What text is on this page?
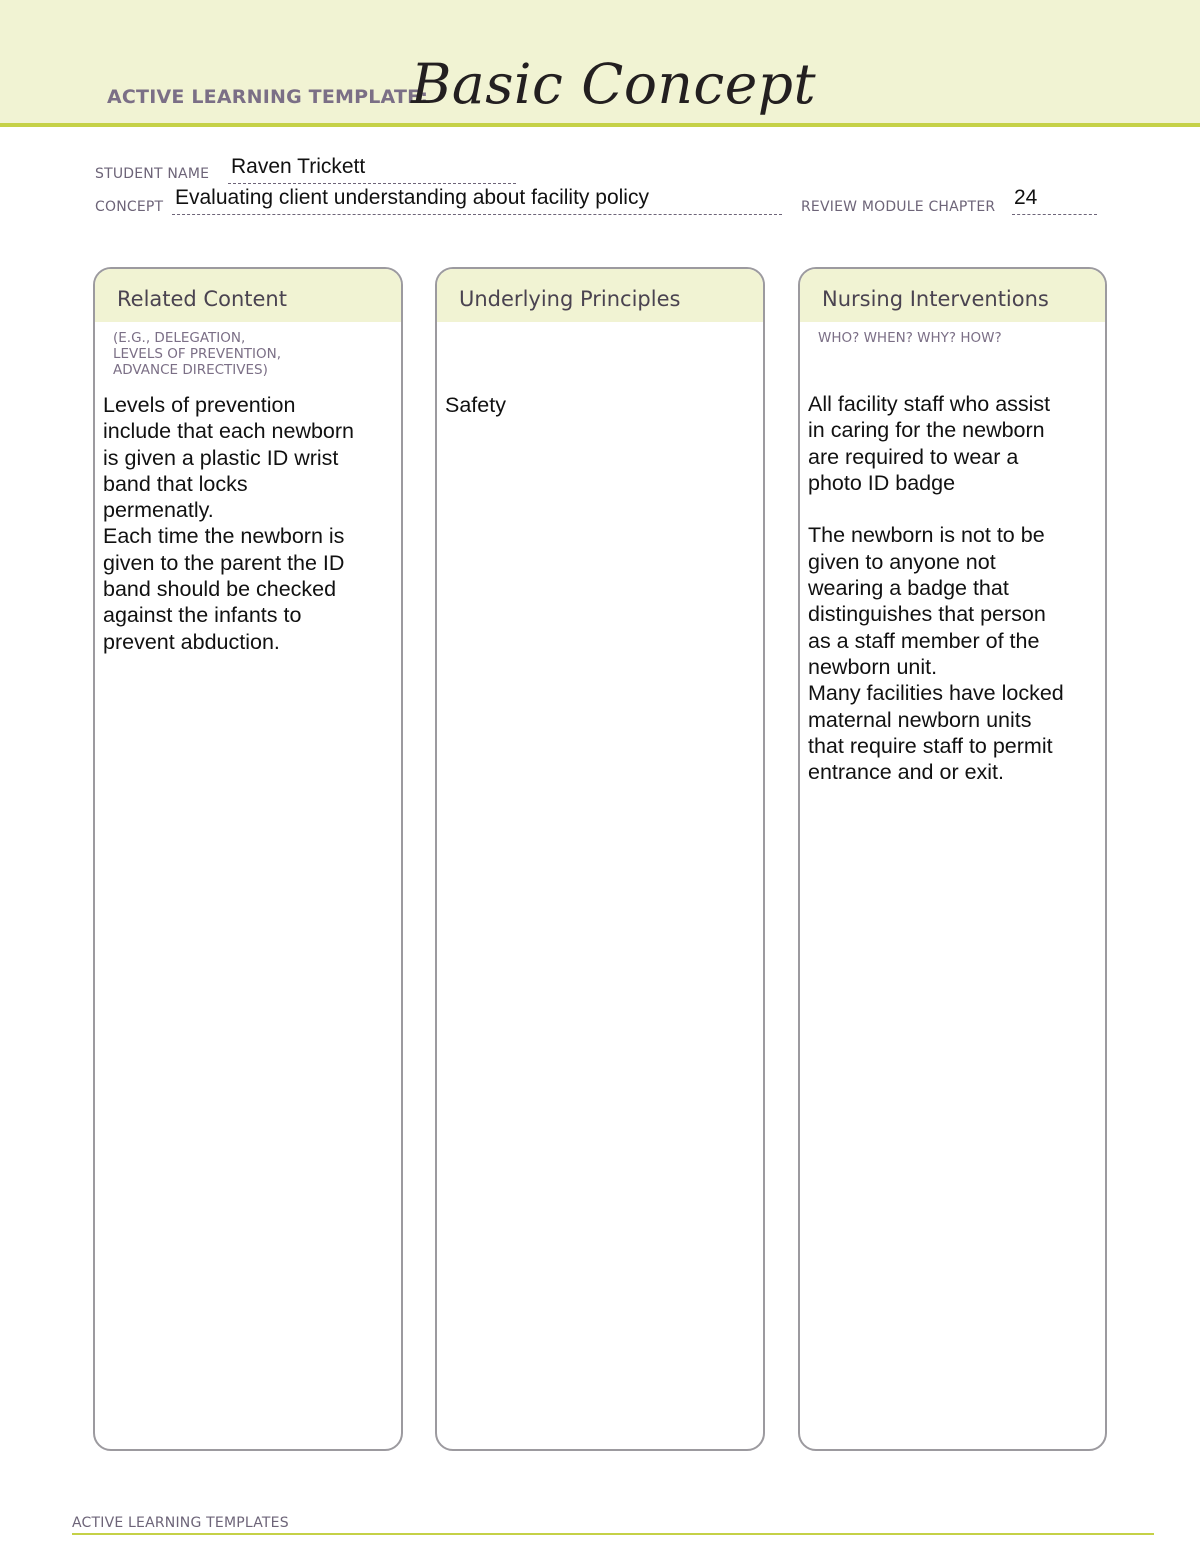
ACTIVE LEARNING TEMPLATE:
Basic Concept
STUDENT NAME Raven Trickett
CONCEPT Evaluating client understanding about facility policy	REVIEW MODULE CHAPTER 24
Related Content
(E.G., DELEGATION,
LEVELS OF PREVENTION,
ADVANCE DIRECTIVES)
Levels of prevention
include that each newborn
is given a plastic ID wrist
band that locks
permenatly.
Each time the newborn is
given to the parent the ID
band should be checked
against the infants to
prevent abduction.
Underlying Principles
Safety
Nursing Interventions
WHO? WHEN? WHY? HOW?
All facility staff who assist
in caring for the newborn
are required to wear a
photo ID badge

The newborn is not to be
given to anyone not
wearing a badge that
distinguishes that person
as a staff member of the
newborn unit.
Many facilities have locked
maternal newborn units
that require staff to permit
entrance and or exit.
ACTIVE LEARNING TEMPLATES
